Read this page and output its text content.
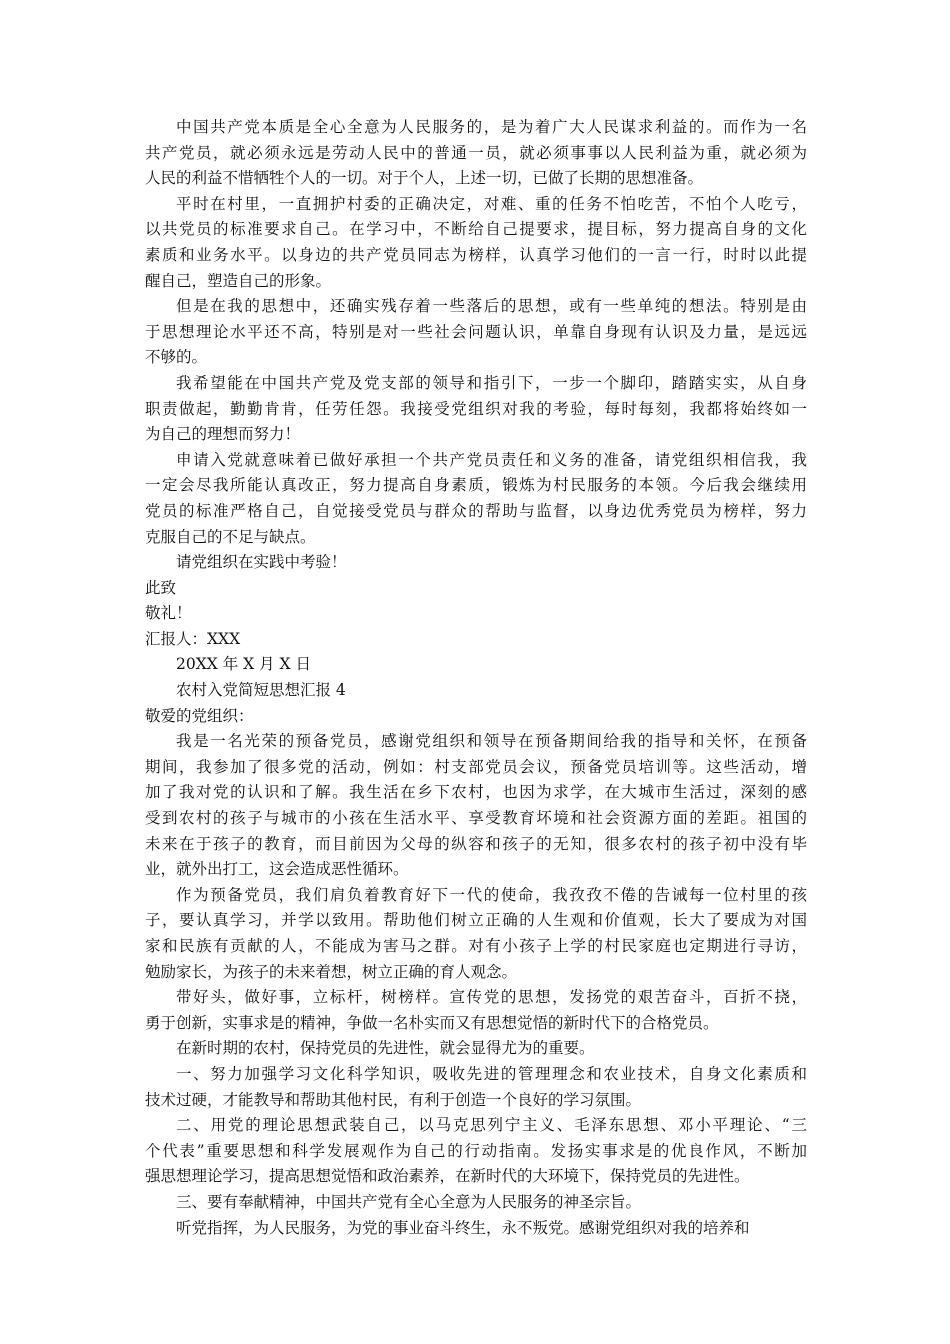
中国共产党本质是全心全意为人民服务的，是为着广大人民谋求利益的。而作为一名
共产党员，就必须永远是劳动人民中的普通一员，就必须事事以人民利益为重，就必须为
人民的利益不惜牺牲个人的一切。对于个人，上述一切，已做了长期的思想准备。
平时在村里，一直拥护村委的正确决定，对难、重的任务不怕吃苦，不怕个人吃亏，
以共党员的标准要求自己。在学习中，不断给自己提要求，提目标，努力提高自身的文化
素质和业务水平。以身边的共产党员同志为榜样，认真学习他们的一言一行，时时以此提
醒自己，塑造自己的形象。
但是在我的思想中，还确实残存着一些落后的思想，或有一些单纯的想法。特别是由
于思想理论水平还不高，特别是对一些社会问题认识，单靠自身现有认识及力量，是远远
不够的。
我希望能在中国共产党及党支部的领导和指引下，一步一个脚印，踏踏实实，从自身
职责做起，勤勤肯肯，任劳任怨。我接受党组织对我的考验，每时每刻，我都将始终如一
为自己的理想而努力！
申请入党就意味着已做好承担一个共产党员责任和义务的准备，请党组织相信我，我
一定会尽我所能认真改正，努力提高自身素质，锻炼为村民服务的本领。今后我会继续用
党员的标准严格自己，自觉接受党员与群众的帮助与监督，以身边优秀党员为榜样，努力
克服自己的不足与缺点。
请党组织在实践中考验！
此致
敬礼！
汇报人：XXX
20XX 年 X 月 X 日
农村入党简短思想汇报 4
敬爱的党组织：
我是一名光荣的预备党员，感谢党组织和领导在预备期间给我的指导和关怀，在预备
期间，我参加了很多党的活动，例如：村支部党员会议，预备党员培训等。这些活动，增
加了我对党的认识和了解。我生活在乡下农村，也因为求学，在大城市生活过，深刻的感
受到农村的孩子与城市的小孩在生活水平、享受教育坏境和社会资源方面的差距。祖国的
未来在于孩子的教育，而目前因为父母的纵容和孩子的无知，很多农村的孩子初中没有毕
业，就外出打工，这会造成恶性循环。
作为预备党员，我们肩负着教育好下一代的使命，我孜孜不倦的告诫每一位村里的孩
子，要认真学习，并学以致用。帮助他们树立正确的人生观和价值观，长大了要成为对国
家和民族有贡献的人，不能成为害马之群。对有小孩子上学的村民家庭也定期进行寻访，
勉励家长，为孩子的未来着想，树立正确的育人观念。
带好头，做好事，立标杆，树榜样。宣传党的思想，发扬党的艰苦奋斗，百折不挠，
勇于创新，实事求是的精神，争做一名朴实而又有思想觉悟的新时代下的合格党员。
在新时期的农村，保持党员的先进性，就会显得尤为的重要。
一、努力加强学习文化科学知识，吸收先进的管理理念和农业技术，自身文化素质和
技术过硬，才能教导和帮助其他村民，有利于创造一个良好的学习氛围。
二、用党的理论思想武装自己，以马克思列宁主义、毛泽东思想、邓小平理论、“三
个代表”重要思想和科学发展观作为自己的行动指南。发扬实事求是的优良作风，不断加
强思想理论学习，提高思想觉悟和政治素养，在新时代的大环境下，保持党员的先进性。
三、要有奉献精神，中国共产党有全心全意为人民服务的神圣宗旨。
听党指挥，为人民服务，为党的事业奋斗终生，永不叛党。感谢党组织对我的培养和
